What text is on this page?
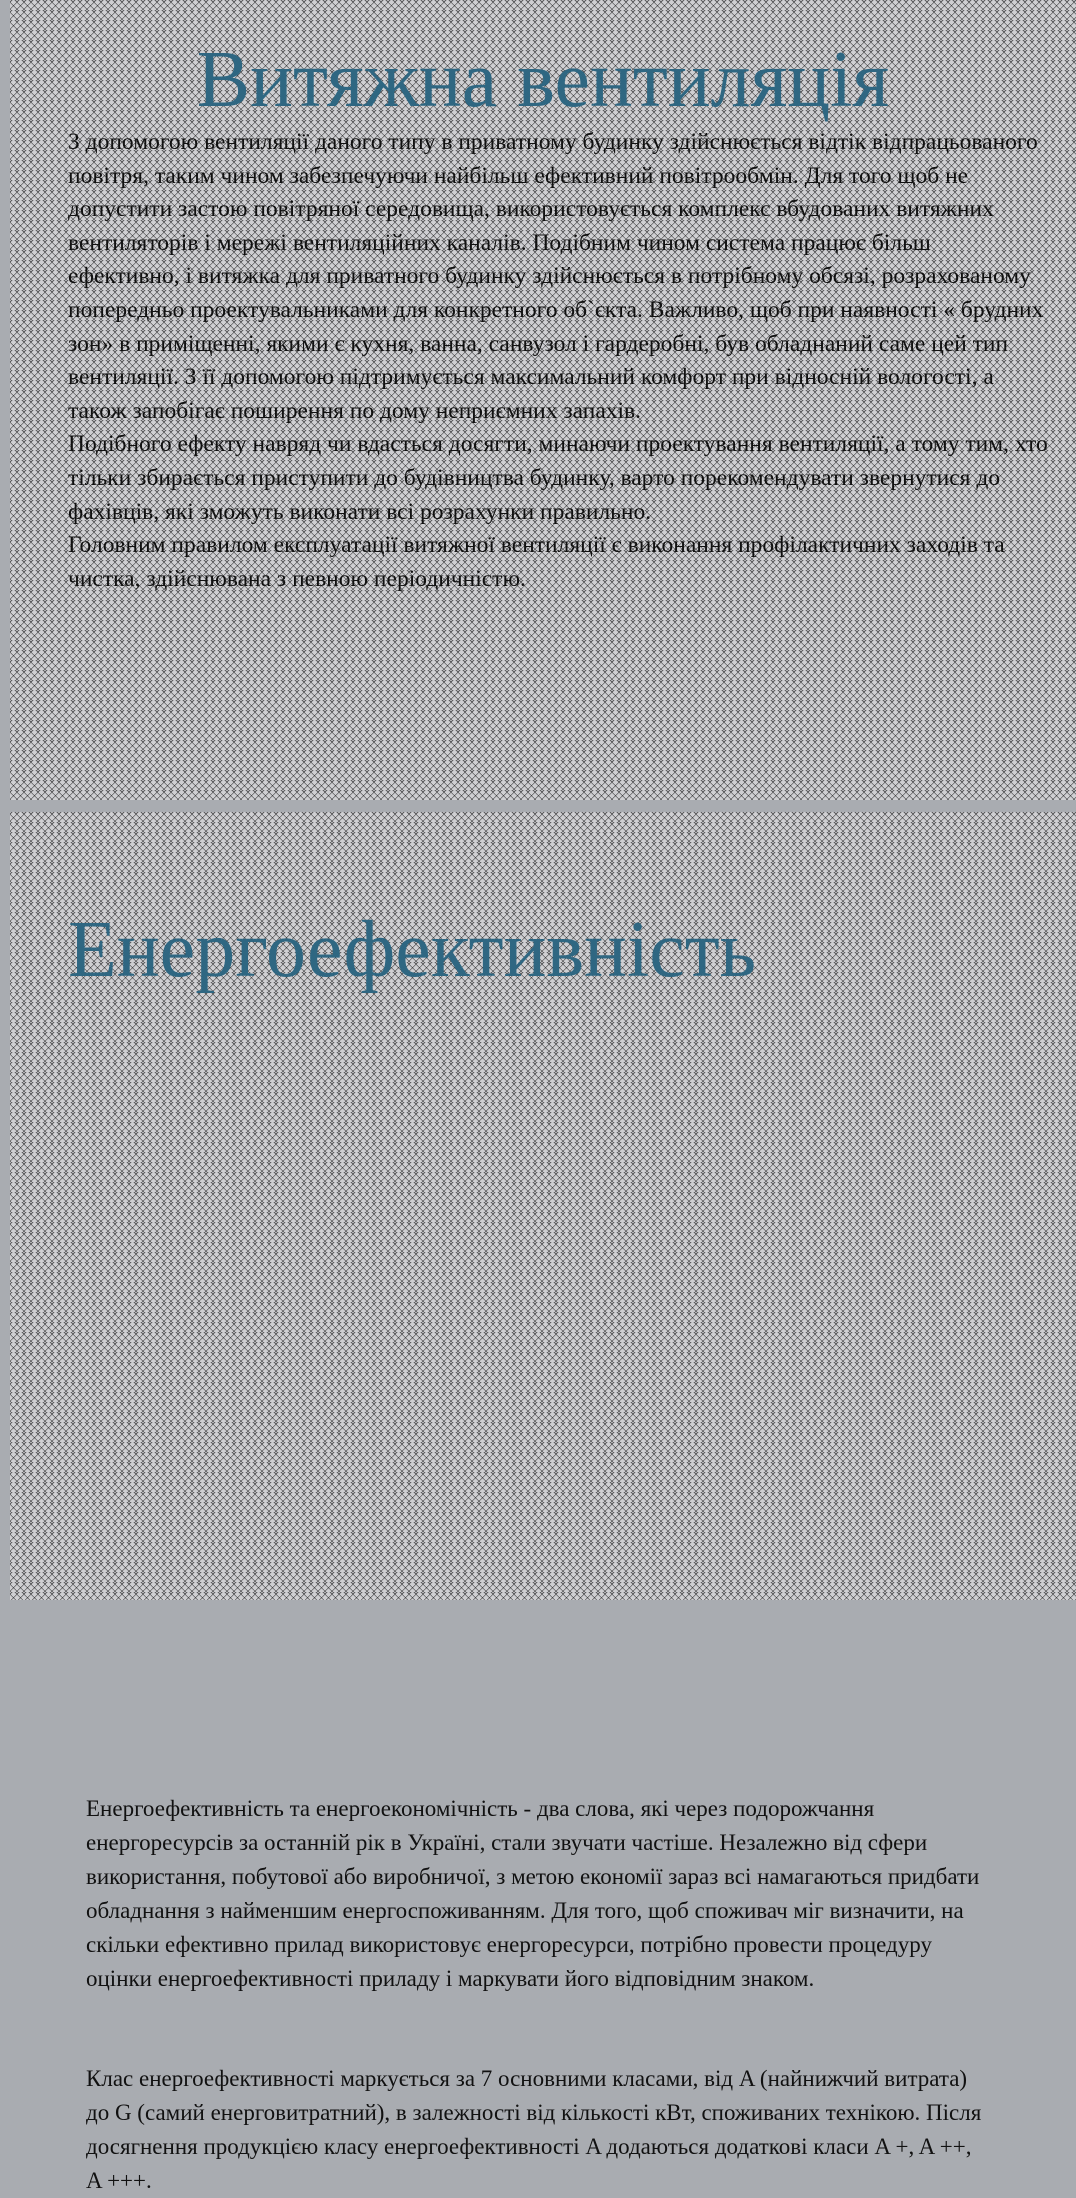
Витяжна вентиляція

З допомогою вентиляції даного типу в приватному будинку здійснюється відтік відпрацьованого повітря, таким чином забезпечуючи найбільш ефективний повітрообмін. Для того щоб не допустити застою повітряної середовища, використовується комплекс вбудованих витяжних вентиляторів і мережі вентиляційних каналів. Подібним чином система працює більш ефективно, і витяжка для приватного будинку здійснюється в потрібному обсязі, розрахованому попередньо проектувальниками для конкретного об`єкта. Важливо, щоб при наявності « брудних зон» в приміщенні, якими є кухня, ванна, санвузол і гардеробні, був обладнаний саме цей тип вентиляції. З її допомогою підтримується максимальний комфорт при відносній вологості, а також запобігає поширення по дому неприємних запахів.

Подібного ефекту навряд чи вдасться досягти, минаючи проектування вентиляції, а тому тим, хто тільки збирається приступити до будівництва будинку, варто порекомендувати звернутися до фахівців, які зможуть виконати всі розрахунки правильно.

Головним правилом експлуатації витяжної вентиляції є виконання профілактичних заходів та чистка, здійснювана з певною періодичністю.

Енергоефективність

Енергоефективність та енергоекономічність - два слова, які через подорожчання енергоресурсів за останній рік в Україні, стали звучати частіше. Незалежно від сфери використання, побутової або виробничої, з метою економії зараз всі намагаються придбати обладнання з найменшим енергоспоживанням. Для того, щоб споживач міг визначити, на скільки ефективно прилад використовує енергоресурси, потрібно провести процедуру оцінки енергоефективності приладу і маркувати його відповідним знаком.

Клас енергоефективності маркується за 7 основними класами, від A (найнижчий витрата) до G (самий енерговитратний), в залежності від кількості кВт, споживаних технікою. Після досягнення продукцією класу енергоефективності A додаються додаткові класи A +, A ++, A +++.
